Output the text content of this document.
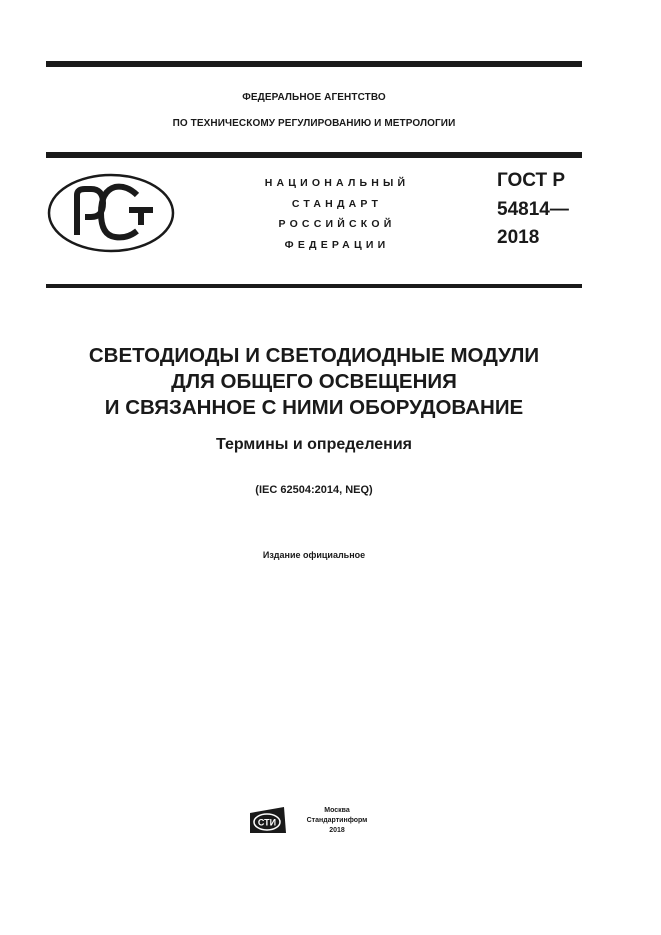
ФЕДЕРАЛЬНОЕ АГЕНТСТВО
ПО ТЕХНИЧЕСКОМУ РЕГУЛИРОВАНИЮ И МЕТРОЛОГИИ
НАЦИОНАЛЬНЫЙ
СТАНДАРТ
РОССИЙСКОЙ
ФЕДЕРАЦИИ
ГОСТ Р
54814—
2018
СВЕТОДИОДЫ И СВЕТОДИОДНЫЕ МОДУЛИ
ДЛЯ ОБЩЕГО ОСВЕЩЕНИЯ
И СВЯЗАННОЕ С НИМИ ОБОРУДОВАНИЕ
Термины и определения
(IEC 62504:2014, NEQ)
Издание официальное
СТИ
Москва
Стандартинформ
2018
